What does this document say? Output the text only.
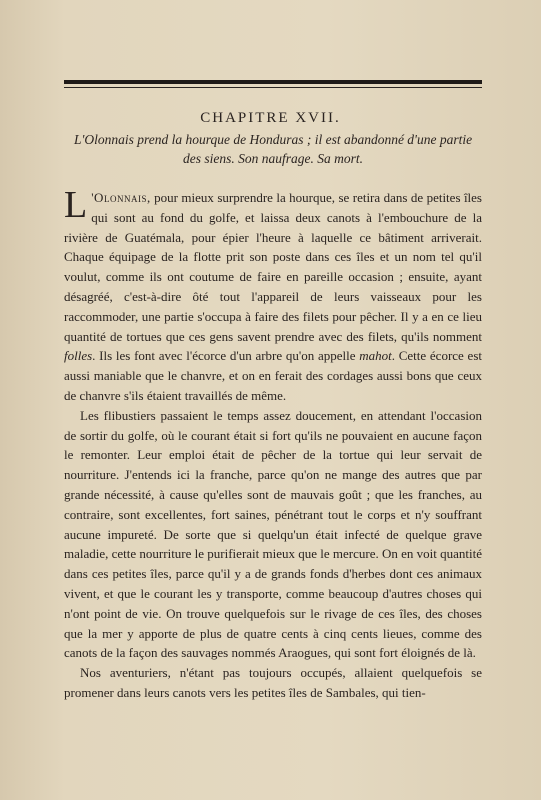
CHAPITRE XVII.
L'Olonnais prend la hourque de Honduras ; il est abandonné d'une partie
des siens. Son naufrage. Sa mort.

L 'Olonnais, pour mieux surprendre la hourque, se retira dans de petites îles qui sont au fond du golfe, et laissa deux canots à l'embouchure de la rivière de Guatémala, pour épier l'heure à laquelle ce bâtiment arriverait. Chaque équipage de la flotte prit son poste dans ces îles et un nom tel qu'il voulut, comme ils ont coutume de faire en pareille occasion ; ensuite, ayant désagréé, c'est-à-dire ôté tout l'appareil de leurs vaisseaux pour les raccommoder, une partie s'occupa à faire des filets pour pêcher. Il y a en ce lieu quantité de tortues que ces gens savent prendre avec des filets, qu'ils nomment folles. Ils les font avec l'écorce d'un arbre qu'on appelle mahot. Cette écorce est aussi maniable que le chanvre, et on en ferait des cordages aussi bons que ceux de chanvre s'ils étaient travaillés de même.

Les flibustiers passaient le temps assez doucement, en attendant l'occasion de sortir du golfe, où le courant était si fort qu'ils ne pouvaient en aucune façon le remonter. Leur emploi était de pêcher de la tortue qui leur servait de nourriture. J'entends ici la franche, parce qu'on ne mange des autres que par grande nécessité, à cause qu'elles sont de mauvais goût ; que les franches, au contraire, sont excellentes, fort saines, pénétrant tout le corps et n'y souffrant aucune impureté. De sorte que si quelqu'un était infecté de quelque grave maladie, cette nourriture le purifierait mieux que le mercure. On en voit quantité dans ces petites îles, parce qu'il y a de grands fonds d'herbes dont ces animaux vivent, et que le courant les y transporte, comme beaucoup d'autres choses qui n'ont point de vie. On trouve quelquefois sur le rivage de ces îles, des choses que la mer y apporte de plus de quatre cents à cinq cents lieues, comme des canots de la façon des sauvages nommés Araogues, qui sont fort éloignés de là.

Nos aventuriers, n'étant pas toujours occupés, allaient quelquefois se promener dans leurs canots vers les petites îles de Sambales, qui tien-
